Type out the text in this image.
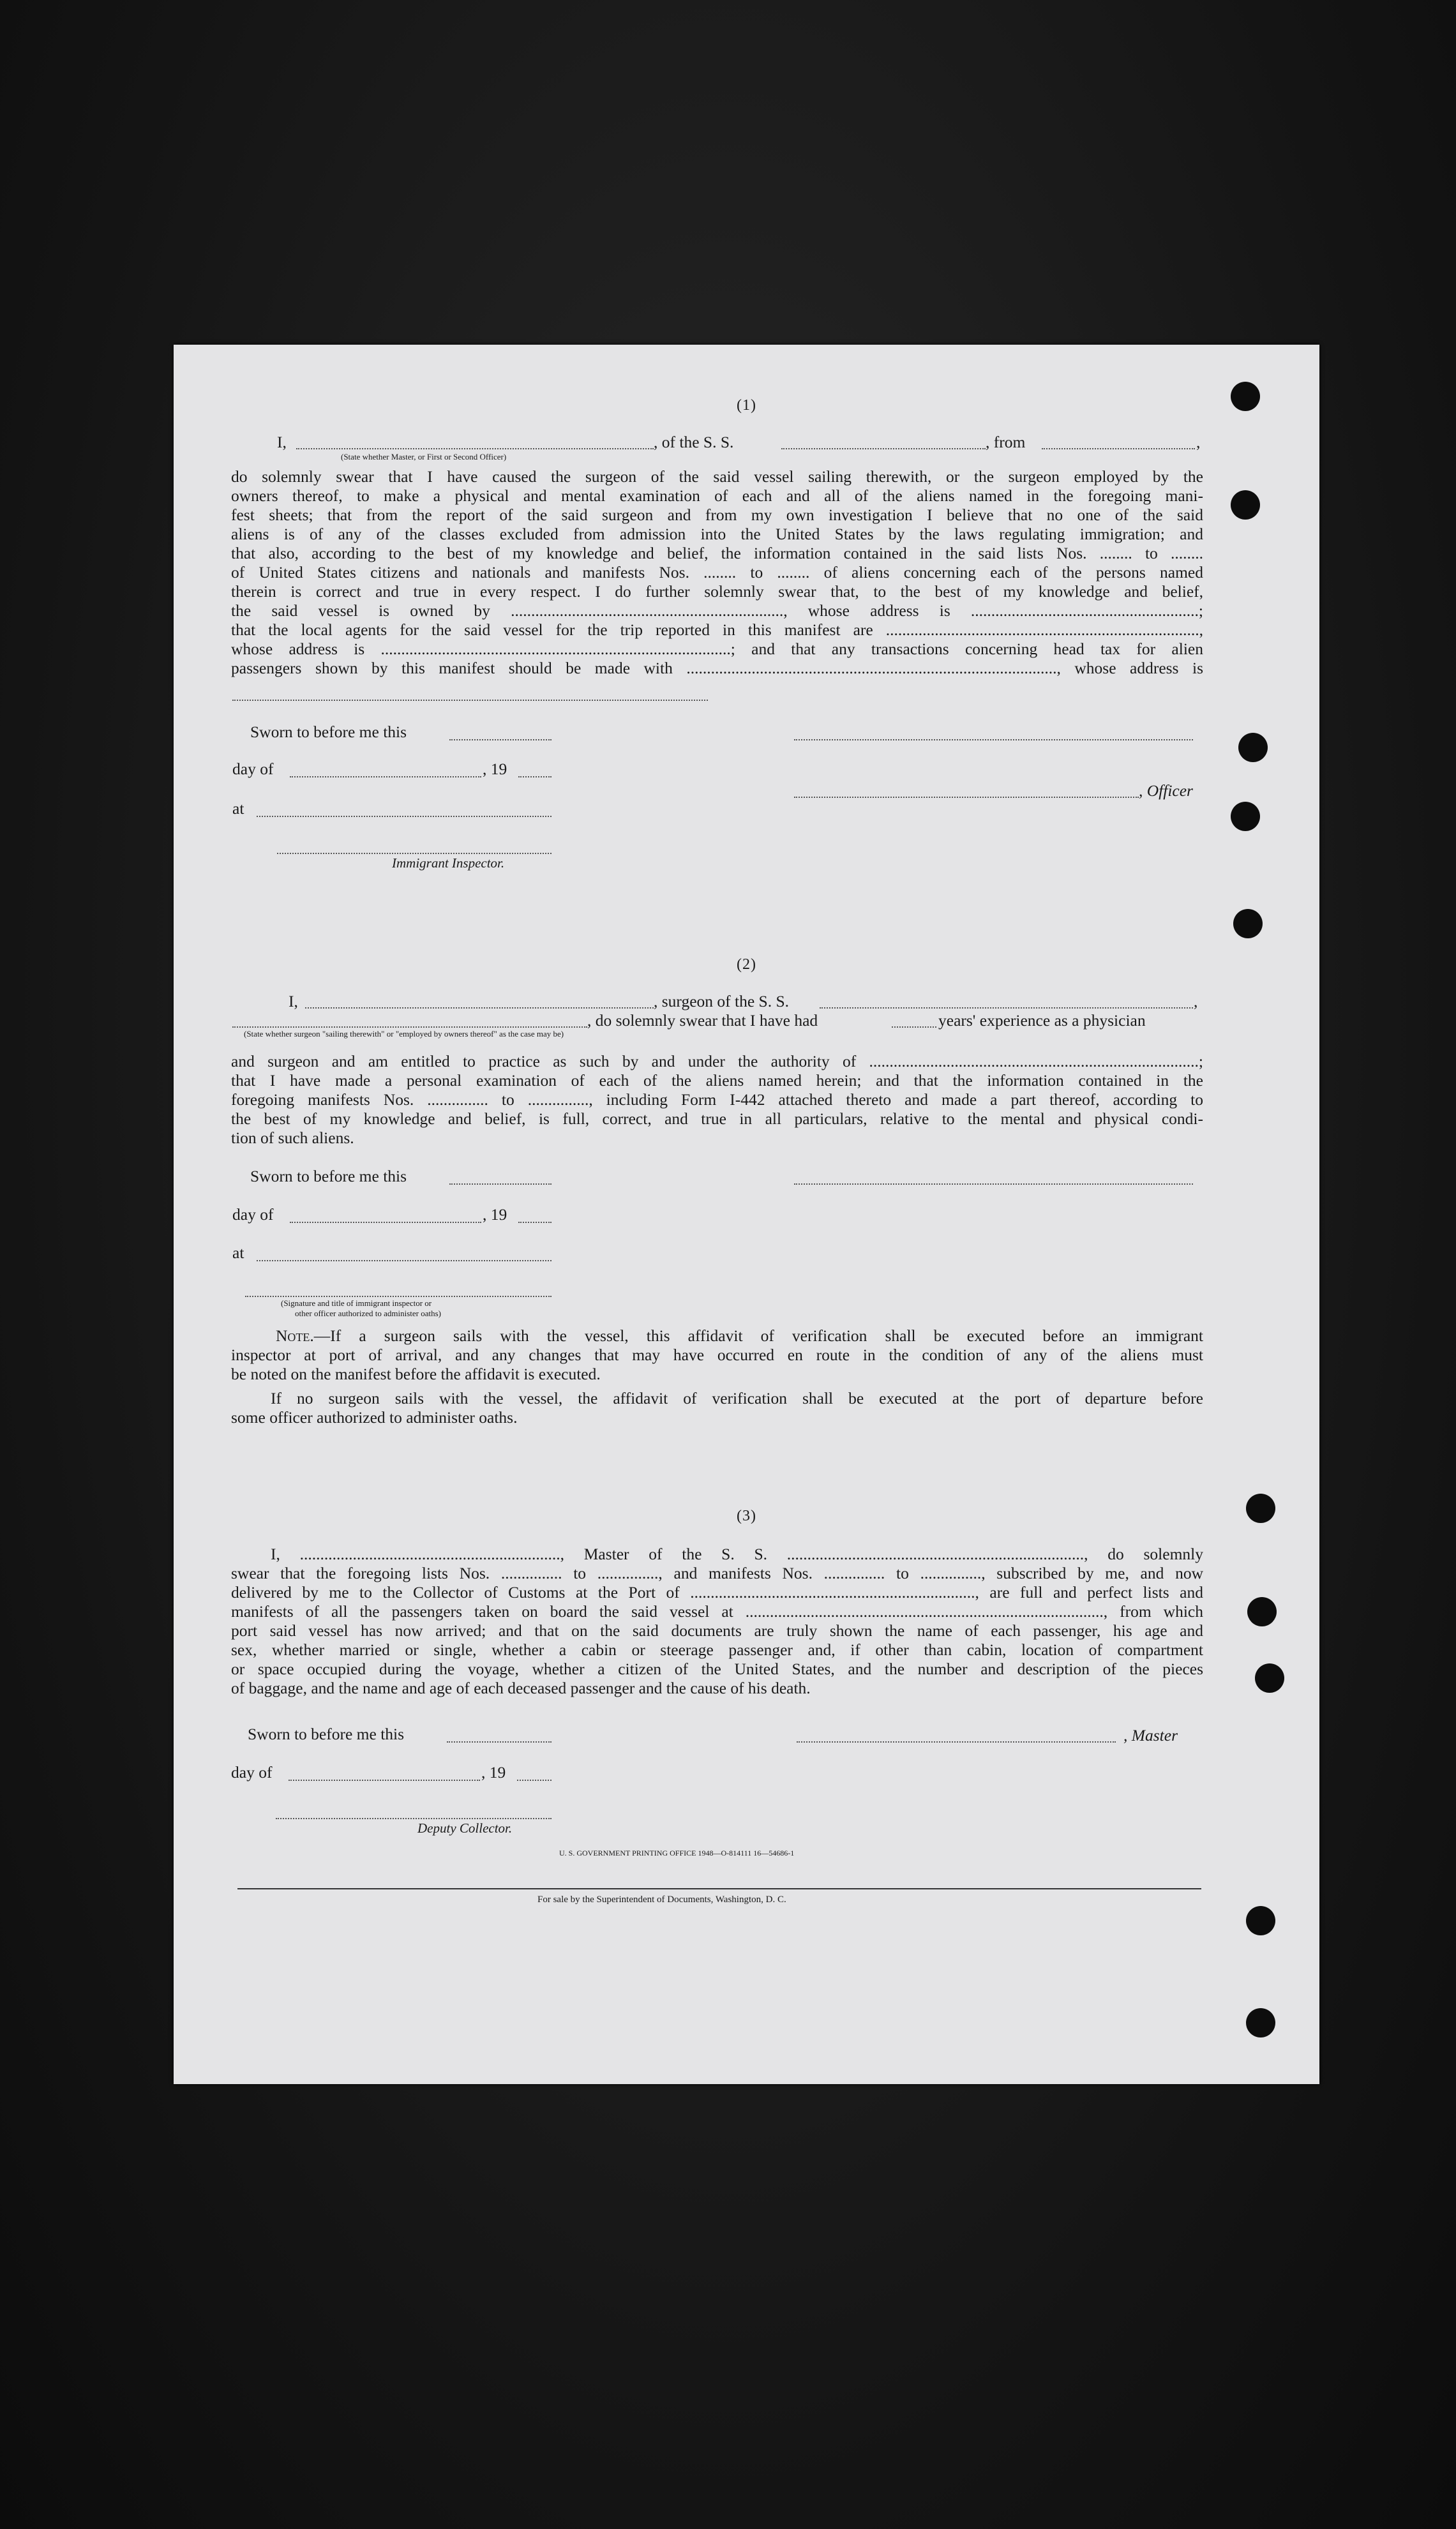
(1)
I,	, of the S. S.	, from	,
(State whether Master, or First or Second Officer)
do solemnly swear that I have caused the surgeon of the said vessel sailing therewith, or the surgeon employed by the
owners thereof, to make a physical and mental examination of each and all of the aliens named in the foregoing mani-
fest sheets; that from the report of the said surgeon and from my own investigation I believe that no one of the said
aliens is of any of the classes excluded from admission into the United States by the laws regulating immigration; and
that also, according to the best of my knowledge and belief, the information contained in the said lists Nos. ........ to ........
of United States citizens and nationals and manifests Nos. ........ to ........ of aliens concerning each of the persons named
therein is correct and true in every respect. I do further solemnly swear that, to the best of my knowledge and belief,
the said vessel is owned by ..................................................................., whose address is ........................................................;
that the local agents for the said vessel for the trip reported in this manifest are .............................................................................,
whose address is ......................................................................................; and that any transactions concerning head tax for alien
passengers shown by this manifest should be made with ..........................................................................................., whose address is
Sworn to before me this
day of	, 19
at
, Officer
Immigrant Inspector.
(2)
I,	, surgeon of the S. S.	,
, do solemnly swear that I have had	years' experience as a physician
(State whether surgeon "sailing therewith" or "employed by owners thereof" as the case may be)
and surgeon and am entitled to practice as such by and under the authority of .................................................................................;
that I have made a personal examination of each of the aliens named herein; and that the information contained in the
foregoing manifests Nos. ............... to ..............., including Form I-442 attached thereto and made a part thereof, according to
the best of my knowledge and belief, is full, correct, and true in all particulars, relative to the mental and physical condi-
tion of such aliens.
Sworn to before me this
day of	, 19
at
(Signature and title of immigrant inspector or
other officer authorized to administer oaths)
Note.—If a surgeon sails with the vessel, this affidavit of verification shall be executed before an immigrant
inspector at port of arrival, and any changes that may have occurred en route in the condition of any of the aliens must
be noted on the manifest before the affidavit is executed.
If no surgeon sails with the vessel, the affidavit of verification shall be executed at the port of departure before
some officer authorized to administer oaths.
(3)
I, ................................................................, Master of the S. S. ........................................................................., do solemnly
swear that the foregoing lists Nos. ............... to ..............., and manifests Nos. ............... to ..............., subscribed by me, and now
delivered by me to the Collector of Customs at the Port of ......................................................................, are full and perfect lists and
manifests of all the passengers taken on board the said vessel at ........................................................................................, from which
port said vessel has now arrived; and that on the said documents are truly shown the name of each passenger, his age and
sex, whether married or single, whether a cabin or steerage passenger and, if other than cabin, location of compartment
or space occupied during the voyage, whether a citizen of the United States, and the number and description of the pieces
of baggage, and the name and age of each deceased passenger and the cause of his death.
Sworn to before me this	, Master
day of	, 19
Deputy Collector.
U. S. GOVERNMENT PRINTING OFFICE 1948—O-814111 16—54686-1
For sale by the Superintendent of Documents, Washington, D. C.
